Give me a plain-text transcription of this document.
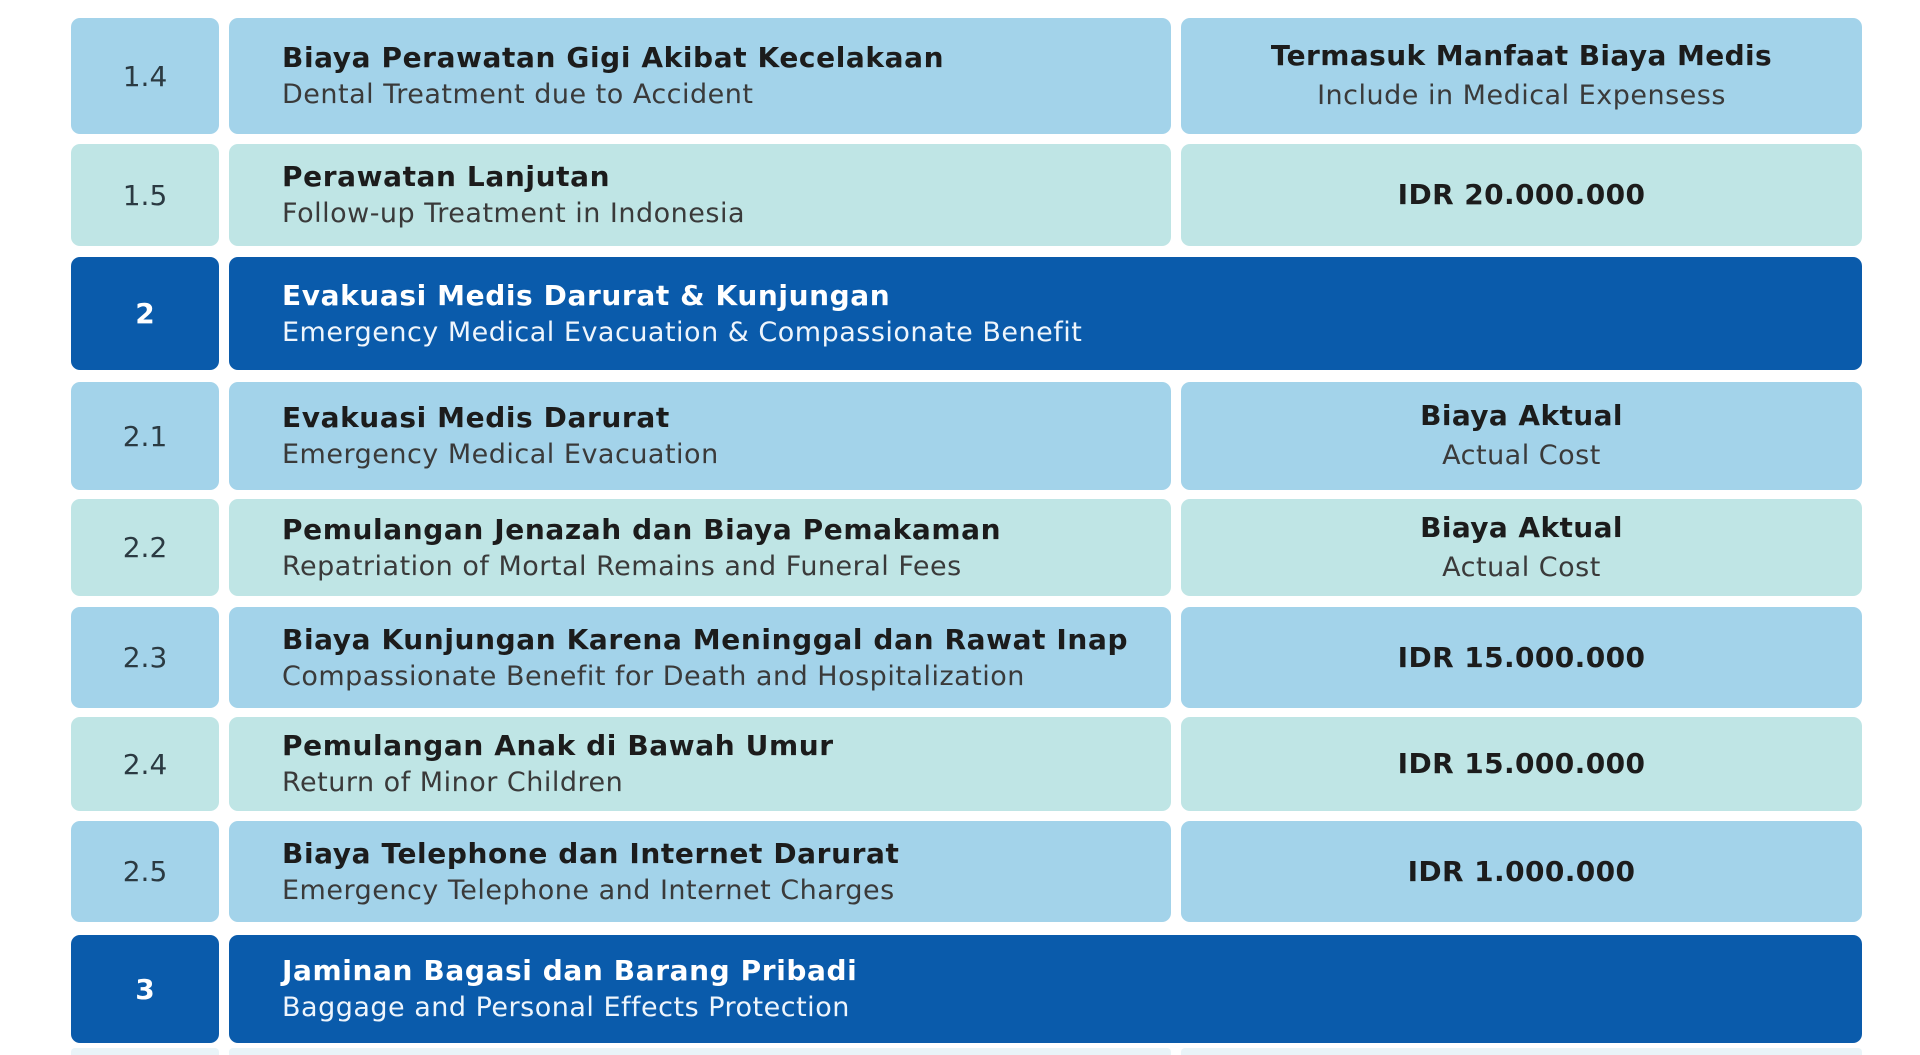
1.4
Biaya Perawatan Gigi Akibat Kecelakaan
Dental Treatment due to Accident
Termasuk Manfaat Biaya Medis
Include in Medical Expensess
1.5
Perawatan Lanjutan
Follow-up Treatment in Indonesia
IDR 20.000.000
2
Evakuasi Medis Darurat & Kunjungan
Emergency Medical Evacuation & Compassionate Benefit
2.1
Evakuasi Medis Darurat
Emergency Medical Evacuation
Biaya Aktual
Actual Cost
2.2
Pemulangan Jenazah dan Biaya Pemakaman
Repatriation of Mortal Remains and Funeral Fees
Biaya Aktual
Actual Cost
2.3
Biaya Kunjungan Karena Meninggal dan Rawat Inap
Compassionate Benefit for Death and Hospitalization
IDR 15.000.000
2.4
Pemulangan Anak di Bawah Umur
Return of Minor Children
IDR 15.000.000
2.5
Biaya Telephone dan Internet Darurat
Emergency Telephone and Internet Charges
IDR 1.000.000
3
Jaminan Bagasi dan Barang Pribadi
Baggage and Personal Effects Protection
